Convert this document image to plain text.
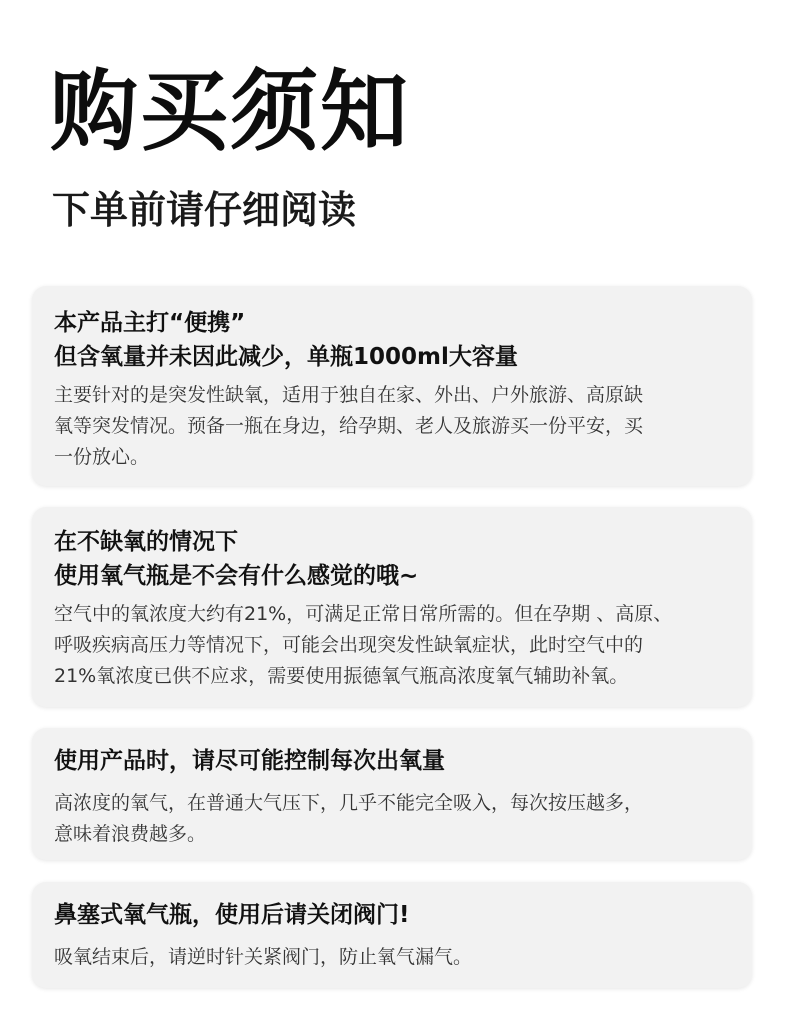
购买须知
下单前请仔细阅读
本产品主打“便携”
但含氧量并未因此减少，单瓶1000ml大容量
主要针对的是突发性缺氧，适用于独自在家、外出、户外旅游、高原缺
氧等突发情况。预备一瓶在身边，给孕期、老人及旅游买一份平安，买
一份放心。
在不缺氧的情况下
使用氧气瓶是不会有什么感觉的哦~
空气中的氧浓度大约有21%，可满足正常日常所需的。但在孕期 、高原、
呼吸疾病高压力等情况下，可能会出现突发性缺氧症状，此时空气中的
21%氧浓度已供不应求，需要使用振德氧气瓶高浓度氧气辅助补氧。
使用产品时，请尽可能控制每次出氧量
高浓度的氧气，在普通大气压下，几乎不能完全吸入，每次按压越多，
意味着浪费越多。
鼻塞式氧气瓶，使用后请关闭阀门!
吸氧结束后，请逆时针关紧阀门，防止氧气漏气。
